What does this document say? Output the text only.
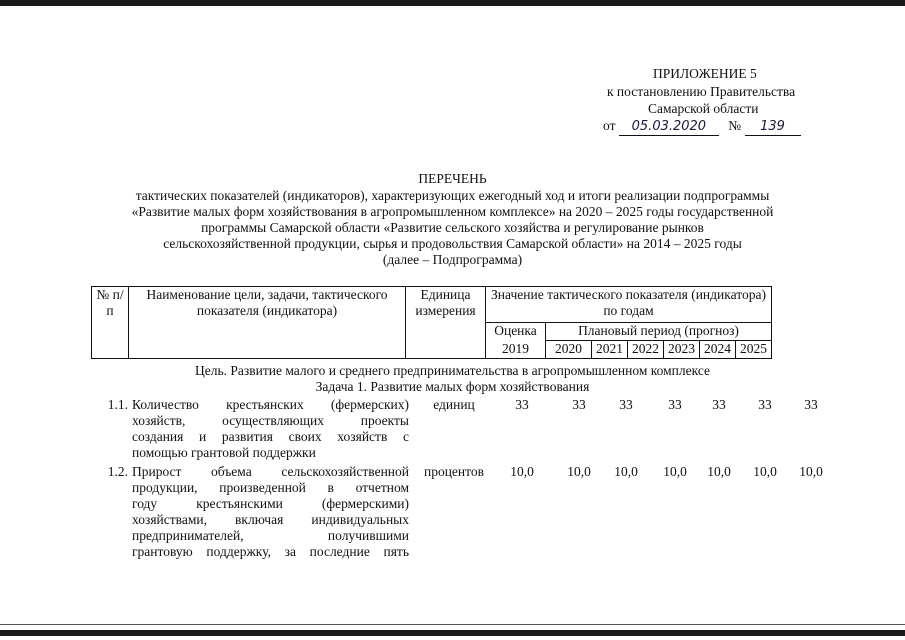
ПРИЛОЖЕНИЕ 5
к постановлению Правительства
Самарской области
от 05.03.2020 № 139
ПЕРЕЧЕНЬ
тактических показателей (индикаторов), характеризующих ежегодный ход и итоги реализации подпрограммы
«Развитие малых форм хозяйствования в агропромышленном комплексе» на 2020 – 2025 годы государственной
программы Самарской области «Развитие сельского хозяйства и регулирование рынков
сельскохозяйственной продукции, сырья и продовольствия Самарской области» на 2014 – 2025 годы
(далее – Подпрограмма)
№ п/п	Наименование цели, задачи, тактического показателя (индикатора)	Единица измерения	Значение тактического показателя (индикатора) по годам						
			Оценка	Плановый период (прогноз)					
			2019	2020	2021	2022	2023	2024	2025
Цель. Развитие малого и среднего предпринимательства в агропромышленном комплексе
Задача 1. Развитие малых форм хозяйствования
1.1. Количество крестьянских (фермерских)
хозяйств, осуществляющих проекты
создания и развития своих хозяйств с
помощью грантовой поддержки
единиц	33	33	33	33	33	33	33
1.2. Прирост объема сельскохозяйственной
продукции, произведенной в отчетном
году крестьянскими (фермерскими)
хозяйствами, включая индивидуальных
предпринимателей, получившими
грантовую поддержку, за последние пять
процентов	10,0	10,0	10,0	10,0	10,0	10,0	10,0
